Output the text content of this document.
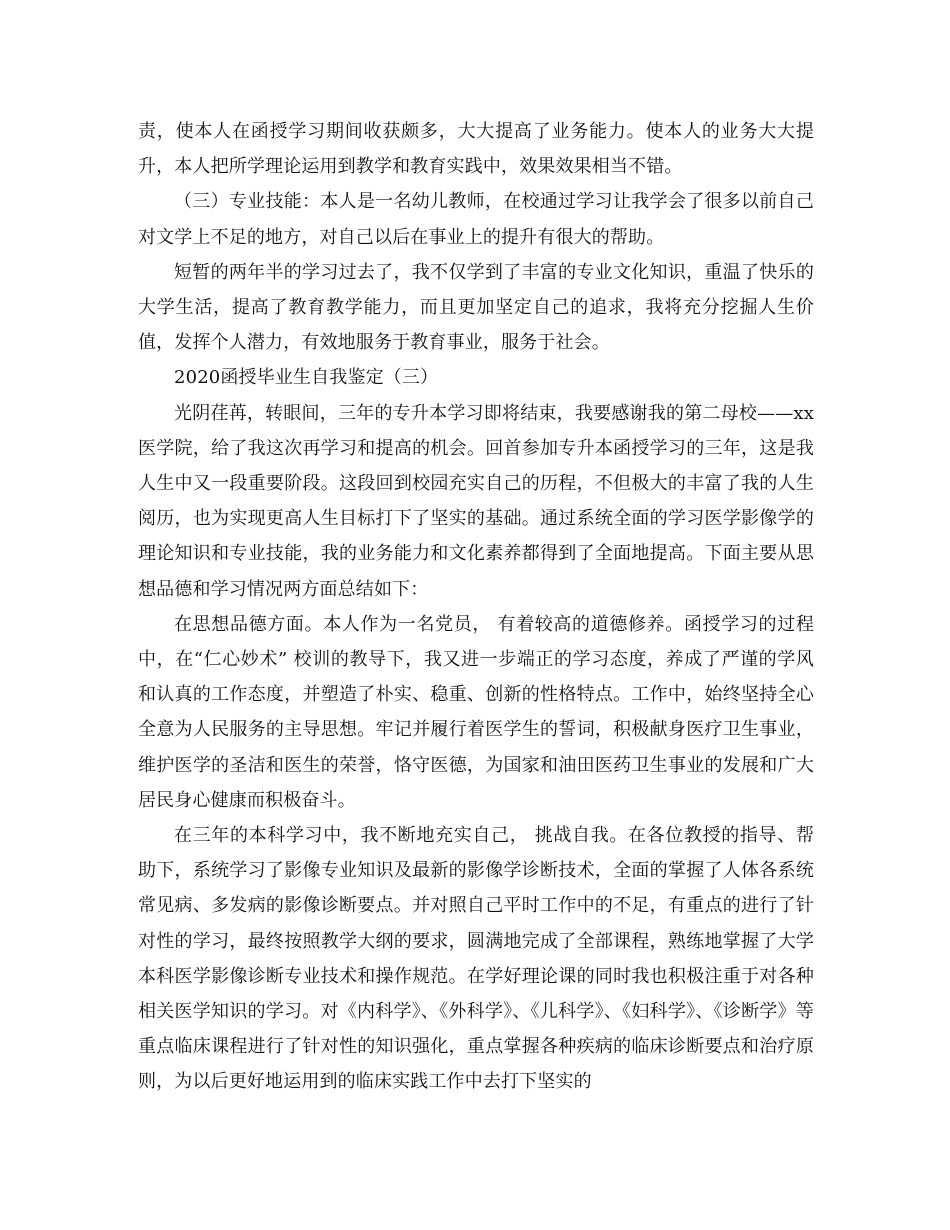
责，使本人在函授学习期间收获颇多，大大提高了业务能力。使本人的业务大大提升，本人把所学理论运用到教学和教育实践中，效果效果相当不错。

（三）专业技能：本人是一名幼儿教师，在校通过学习让我学会了很多以前自己对文学上不足的地方，对自己以后在事业上的提升有很大的帮助。

短暂的两年半的学习过去了，我不仅学到了丰富的专业文化知识，重温了快乐的大学生活，提高了教育教学能力，而且更加坚定自己的追求，我将充分挖掘人生价值，发挥个人潜力，有效地服务于教育事业，服务于社会。

2020函授毕业生自我鉴定（三）

光阴荏苒，转眼间，三年的专升本学习即将结束，我要感谢我的第二母校——xx医学院，给了我这次再学习和提高的机会。回首参加专升本函授学习的三年，这是我人生中又一段重要阶段。这段回到校园充实自己的历程，不但极大的丰富了我的人生阅历，也为实现更高人生目标打下了坚实的基础。通过系统全面的学习医学影像学的理论知识和专业技能，我的业务能力和文化素养都得到了全面地提高。下面主要从思想品德和学习情况两方面总结如下：

在思想品德方面。本人作为一名党员， 有着较高的道德修养。函授学习的过程中，在“仁心妙术” 校训的教导下，我又进一步端正的学习态度，养成了严谨的学风和认真的工作态度，并塑造了朴实、稳重、创新的性格特点。工作中，始终坚持全心全意为人民服务的主导思想。牢记并履行着医学生的誓词，积极献身医疗卫生事业，维护医学的圣洁和医生的荣誉，恪守医德，为国家和油田医药卫生事业的发展和广大居民身心健康而积极奋斗。

在三年的本科学习中，我不断地充实自己， 挑战自我。在各位教授的指导、帮助下，系统学习了影像专业知识及最新的影像学诊断技术，全面的掌握了人体各系统常见病、多发病的影像诊断要点。并对照自己平时工作中的不足，有重点的进行了针对性的学习，最终按照教学大纲的要求，圆满地完成了全部课程，熟练地掌握了大学本科医学影像诊断专业技术和操作规范。在学好理论课的同时我也积极注重于对各种相关医学知识的学习。对《内科学》、《外科学》、《儿科学》、《妇科学》、《诊断学》等重点临床课程进行了针对性的知识强化，重点掌握各种疾病的临床诊断要点和治疗原则，为以后更好地运用到的临床实践工作中去打下坚实的
